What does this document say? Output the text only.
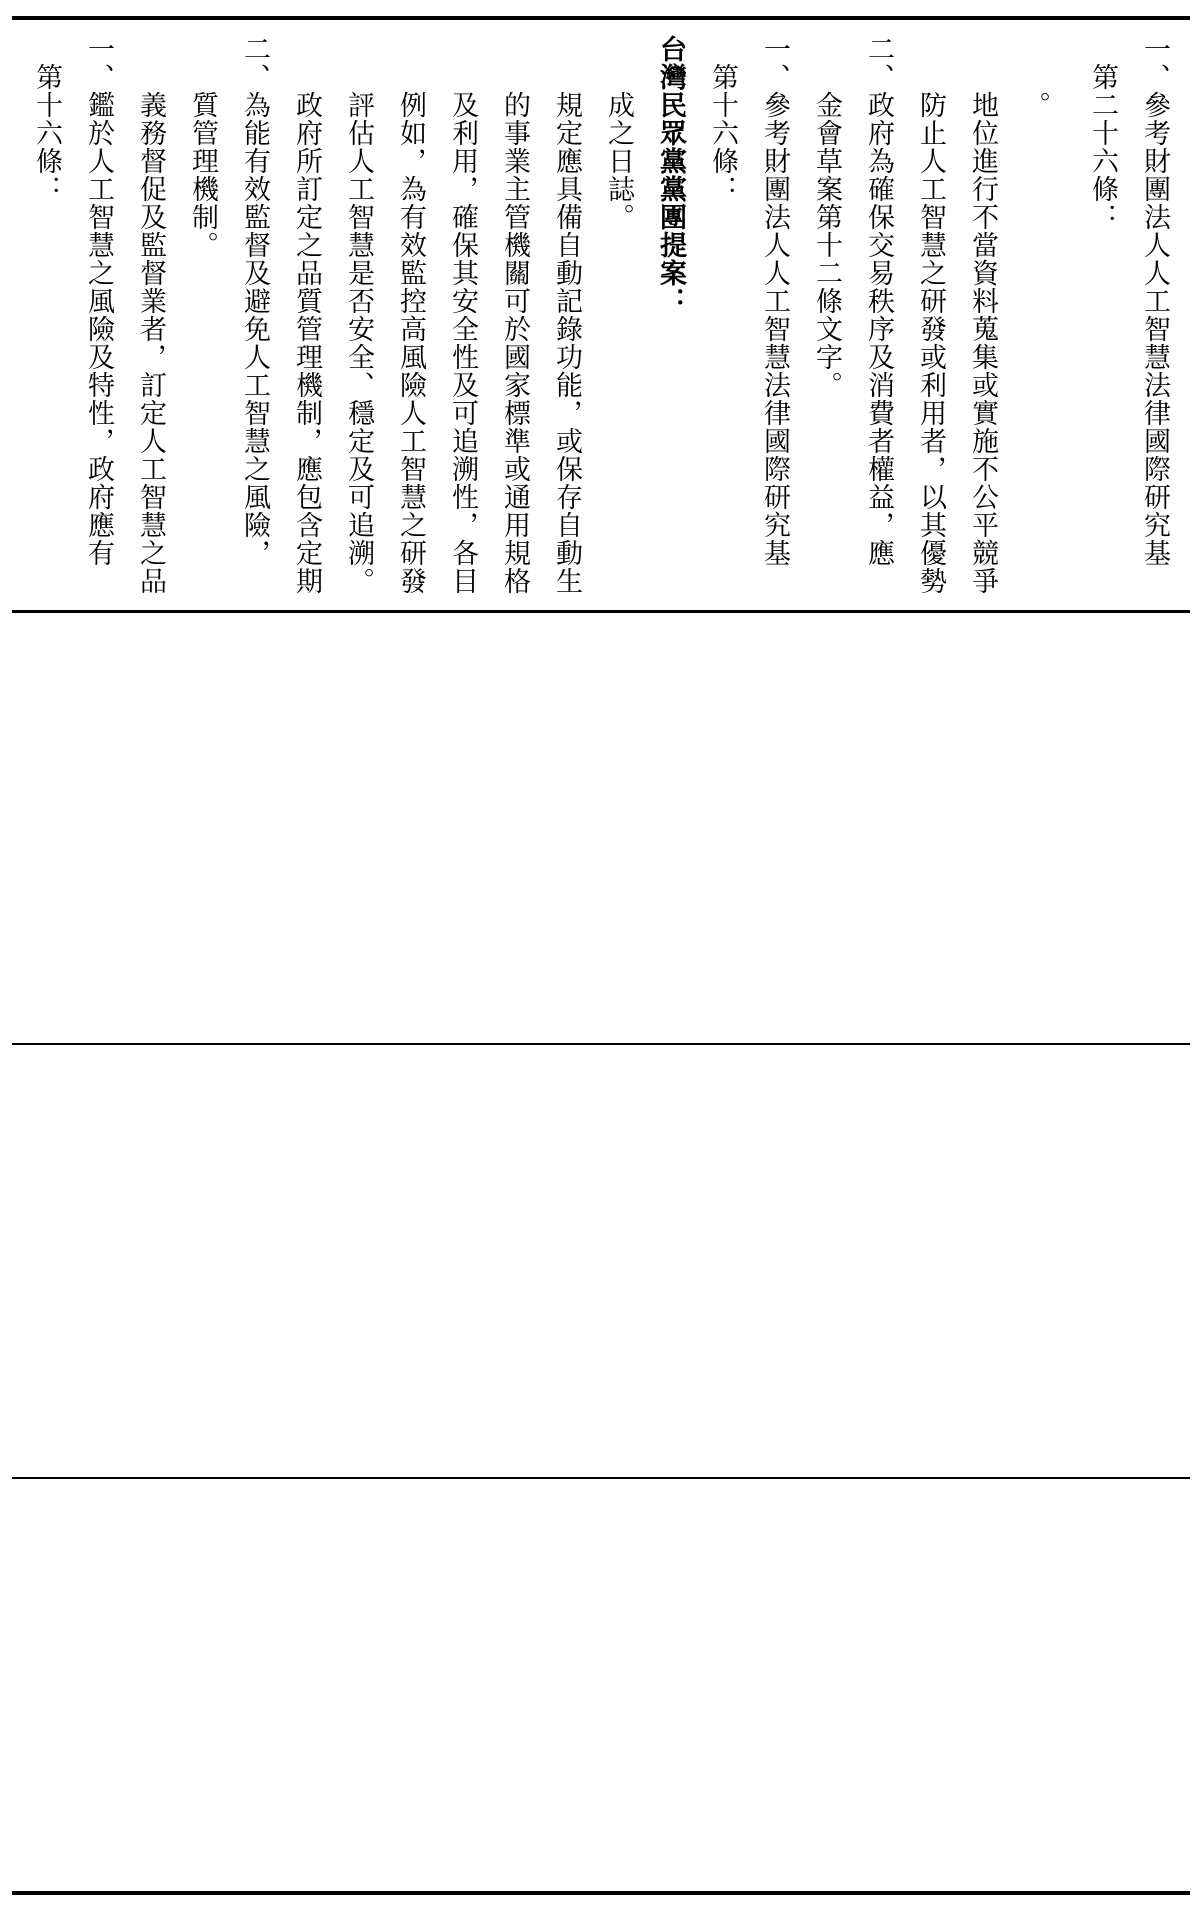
　第十六條： 一、鑑於人工智慧之風險及特性，政府應有 　　義務督促及監督業者，訂定人工智慧之品 　　質管理機制。 二、為能有效監督及避免人工智慧之風險， 　　政府所訂定之品質管理機制，應包含定期 　　評估人工智慧是否安全、穩定及可追溯。 　　例如，為有效監控高風險人工智慧之研發 　　及利用，確保其安全性及可追溯性，各目 　　的事業主管機關可於國家標準或通用規格 　　規定應具備自動記錄功能，或保存自動生 　　成之日誌。 台灣民眾黨黨團提案： 　第十六條： 一、參考財團法人人工智慧法律國際研究基 　　金會草案第十二條文字。 二、政府為確保交易秩序及消費者權益，應 　　防止人工智慧之研發或利用者，以其優勢 　　地位進行不當資料蒐集或實施不公平競爭 　　。 　第二十六條： 一、參考財團法人人工智慧法律國際研究基
